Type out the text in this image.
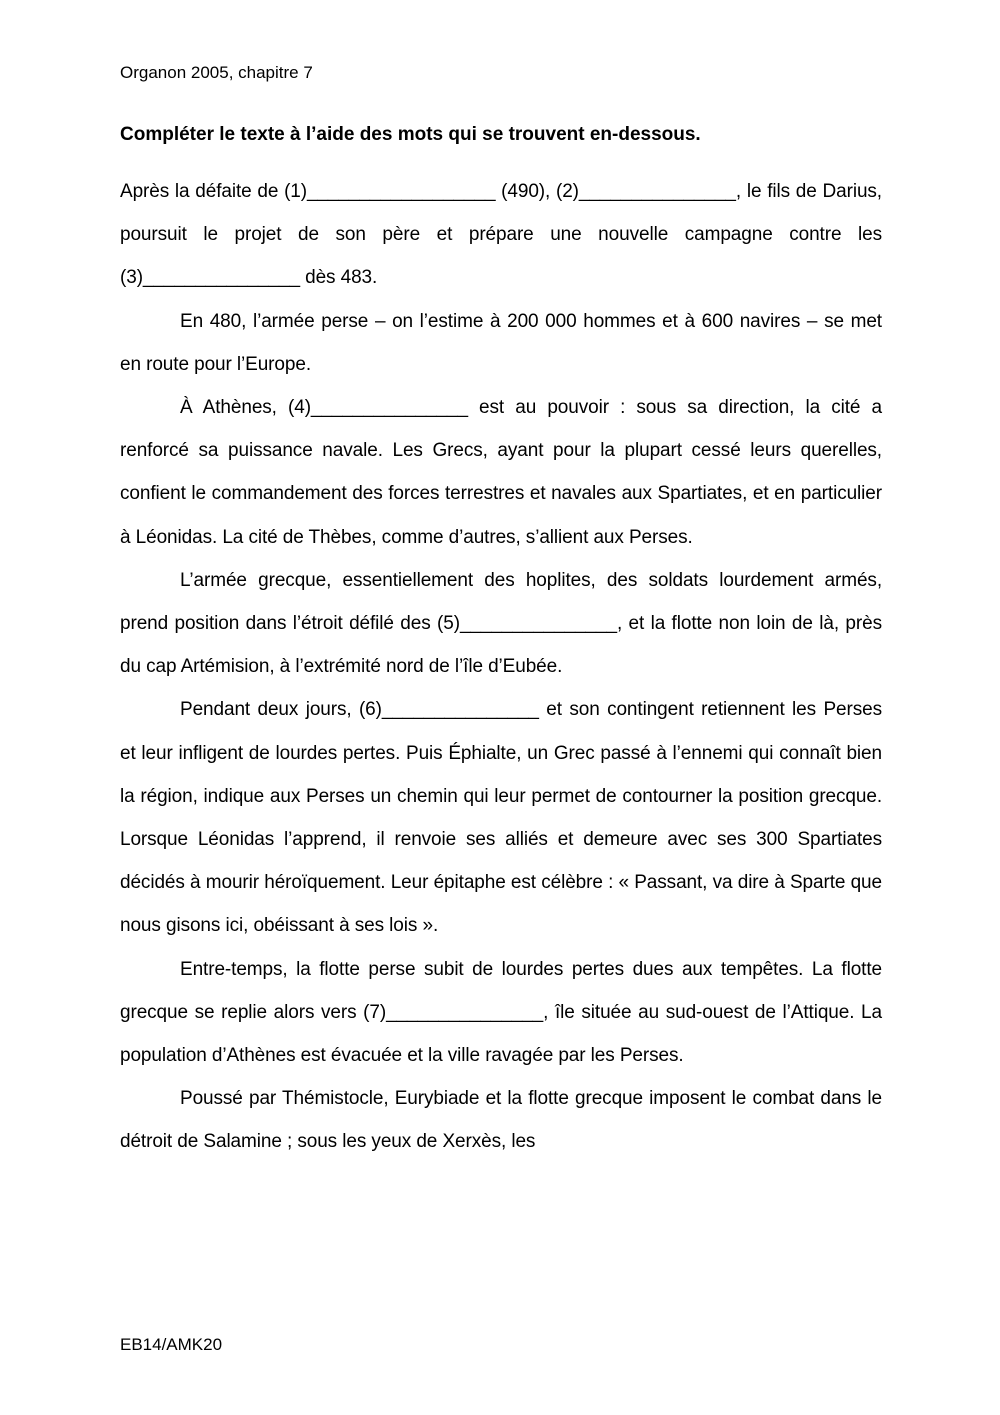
Organon 2005, chapitre 7
Compléter le texte à l’aide des mots qui se trouvent en-dessous.

Après la défaite de (1)__________________ (490), (2)_______________, le fils de Darius, poursuit le projet de son père et prépare une nouvelle campagne contre les (3)_______________ dès 483.

En 480, l’armée perse – on l’estime à 200 000 hommes et à 600 navires – se met en route pour l’Europe.

À Athènes, (4)_______________ est au pouvoir : sous sa direction, la cité a renforcé sa puissance navale. Les Grecs, ayant pour la plupart cessé leurs querelles, confient le commandement des forces terrestres et navales aux Spartiates, et en particulier à Léonidas. La cité de Thèbes, comme d’autres, s’allient aux Perses.

L’armée grecque, essentiellement des hoplites, des soldats lourdement armés, prend position dans l’étroit défilé des (5)_______________, et la flotte non loin de là, près du cap Artémision, à l’extrémité nord de l’île d’Eubée.

Pendant deux jours, (6)_______________ et son contingent retiennent les Perses et leur infligent de lourdes pertes. Puis Éphialte, un Grec passé à l’ennemi qui connaît bien la région, indique aux Perses un chemin qui leur permet de contourner la position grecque. Lorsque Léonidas l’apprend, il renvoie ses alliés et demeure avec ses 300 Spartiates décidés à mourir héroïquement. Leur épitaphe est célèbre : « Passant, va dire à Sparte que nous gisons ici, obéissant à ses lois ».

Entre-temps, la flotte perse subit de lourdes pertes dues aux tempêtes. La flotte grecque se replie alors vers (7)_______________, île située au sud-ouest de l’Attique. La population d’Athènes est évacuée et la ville ravagée par les Perses.

Poussé par Thémistocle, Eurybiade et la flotte grecque imposent le combat dans le détroit de Salamine ; sous les yeux de Xerxès, les

EB14/AMK20
